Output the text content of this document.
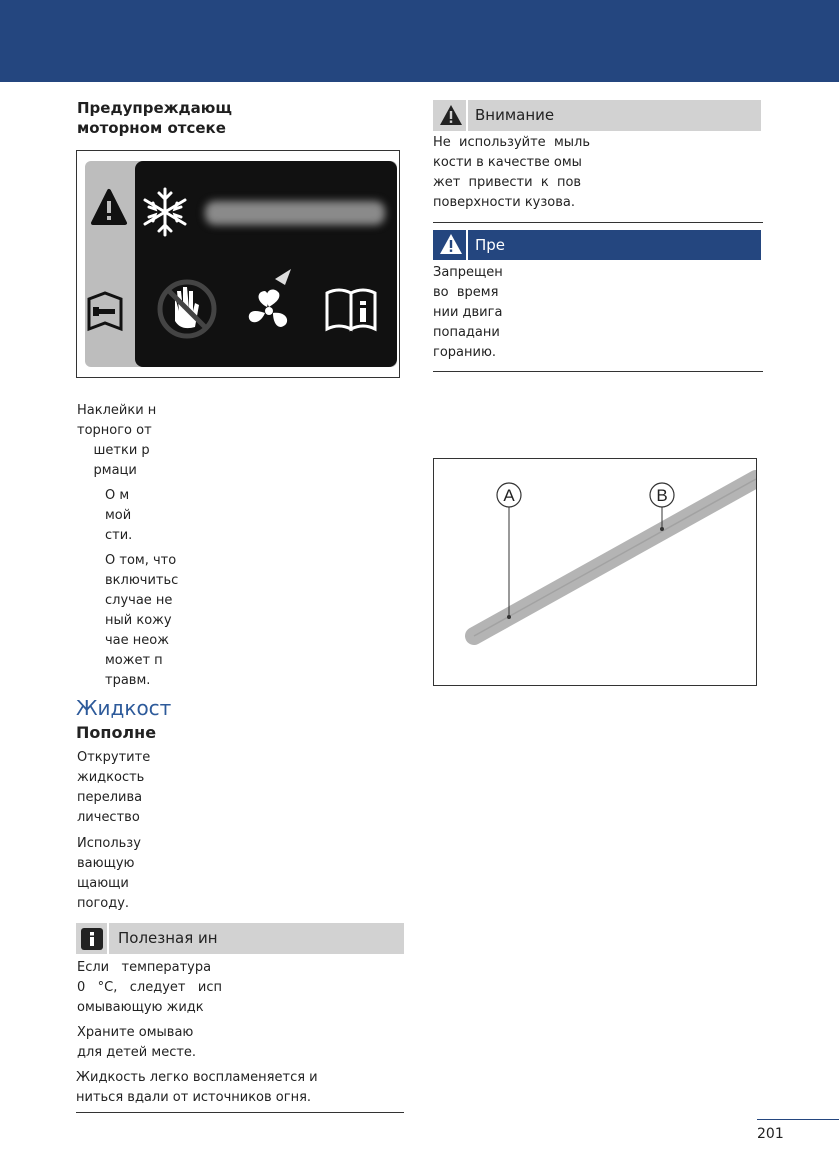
Предупреждающ
моторном отсеке
Наклейки н
торного от
шетки р
рмаци
О м
мой
сти.
О том, что
включитьс
случае не
ный кожу
чае неож
может п
травм.
Жидкост
Пополне
Открутите
жидкость
перелива
личество
Использу
вающую
щающи
погоду.
Полезная ин
Если   температура
0   °C,   следует   исп
омывающую жидк
Храните омываю
для детей месте.
Жидкость легко воспламеняется и
ниться вдали от источников огня.
Внимание
Не  используйте  мыль
кости в качестве омы
жет  привести  к  пов
поверхности кузова.
Пре
Запрещен
во  время
нии двига
попадани
горанию.
A	B
201
